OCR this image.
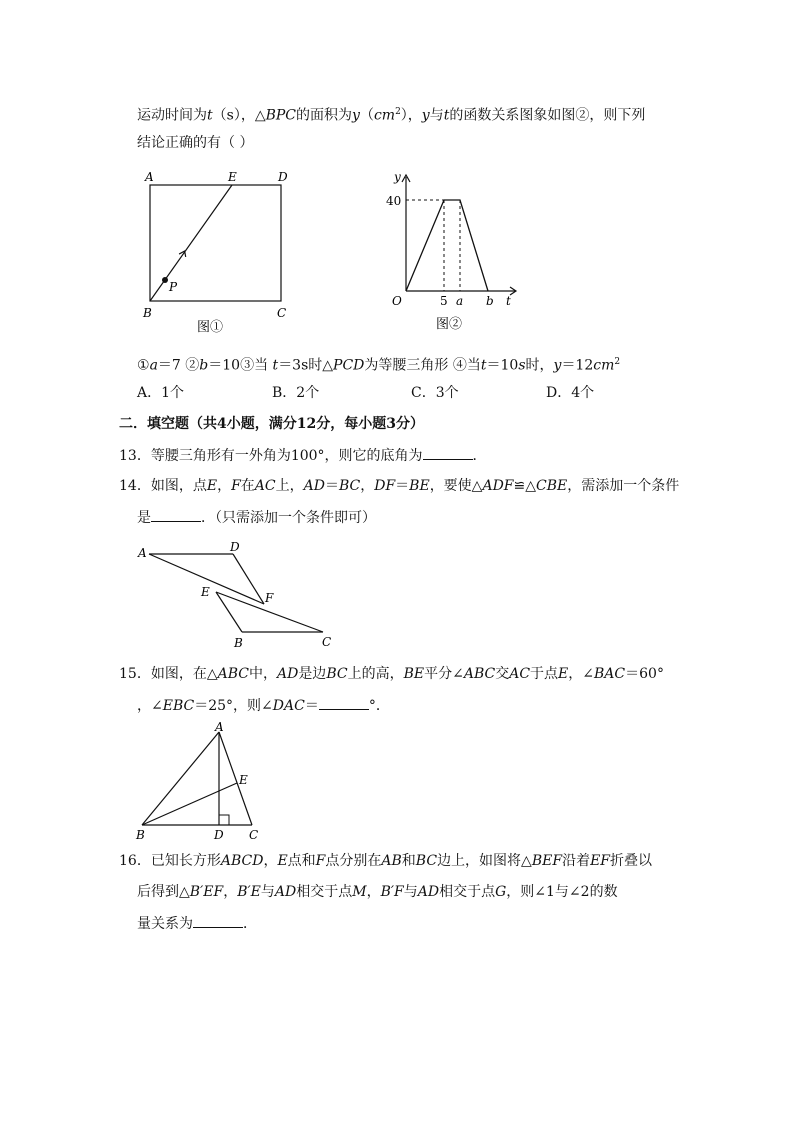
运动时间为t（s），△BPC的面积为$y(cm^2)$，y与t的函数关系图象如图②，则下列
结论正确的有（ ）
A	E	D
B	C
P
图①
y
40
O	5 a b t
图②
①a＝7 ②b＝10③当 t＝3s时△PCD为等腰三角形 ④当t＝10s时，$y=12cm^2$
A．1个	B．2个	C．3个	D．4个
二．填空题（共4小题，满分12分，每小题3分）
13．等腰三角形有一外角为100°，则它的底角为	．
14．如图，点E，F在AC上，AD＝BC，DF＝BE，要使△ADF≌△CBE，需添加一个条件
是	．（只需添加一个条件即可）
A	D
E	F
B	C
15．如图，在△ABC中，AD是边BC上的高，BE平分∠ABC交AC于点E，∠BAC＝60°
，∠EBC＝25°，则∠DAC＝	°．
A
E
B	D C
16．已知长方形ABCD，E点和F点分别在AB和BC边上，如图将△BEF沿着EF折叠以
后得到△B′EF，B′E与AD相交于点M，B′F与AD相交于点G，则∠1与∠2的数
量关系为	．
